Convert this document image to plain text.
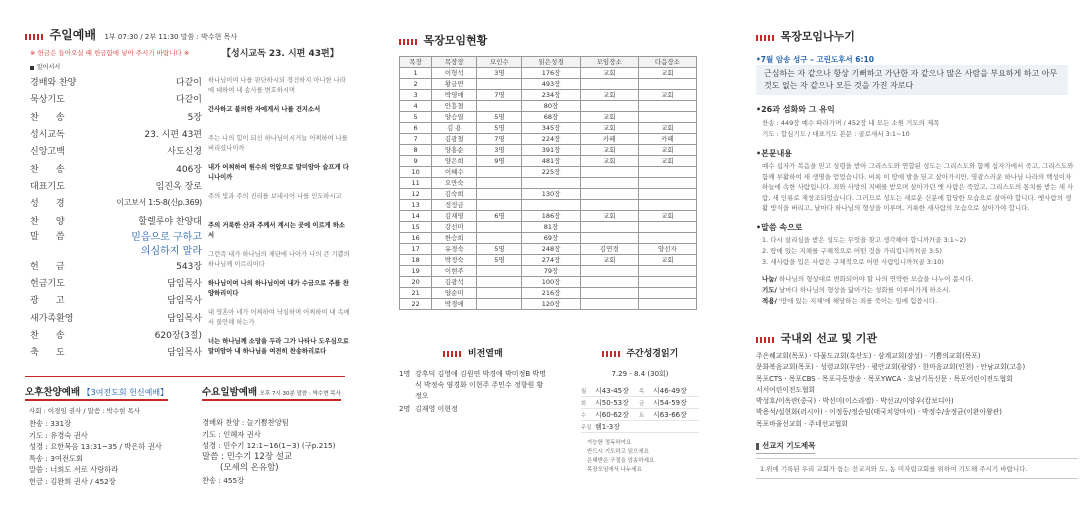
주일예배 1부 07:30 / 2부 11:30 말씀 : 박수현 목사
※ 헌금은 들어오실 때 헌금함에 넣어 주시기 바랍니다 ※	【성시교독 23. 시편 43편】
알어서서
경배와 찬양	다같이
묵상기도	다같이
찬      송	5장
성시교독	23. 시편 43편
신앙고백	사도신경
찬      송	406장
대표기도	임진옥 장로
성      경	이고보서 1:5-8(신p.369)
찬      양	할렐루야 찬양대
말      씀	믿음으로 구하고
의심하지 말라
헌      금	543장
헌금기도	담임목사
광      고	담임목사
새가족환영	담임목사
찬      송	620장(3절)
축      도	담임목사
하나님이여 나를 판단하시되 경건하지 아니한 나라에 대하여 내 송사를 변호하시며
간사하고 불의한 자에게서 나를 건지소서
주는 나의 힘이 되신 하나님이시거늘 어찌하여 나를 버리셨나이까
내가 어찌하여 원수의 억압으로 말미암아 슬프게 다니나이까
주의 빛과 주의 진리를 보내시어 나를 인도하시고
주의 거룩한 산과 주께서 계시는 곳에 이르게 하소서
그런즉 내가 하나님의 제단에 나아가 나의 큰 기쁨의 하나님께 이르리이다
하나님이여 나의 하나님이여 내가 수금으로 주를 찬양하리이다
내 영혼아 네가 어찌하여 낙심하며 어찌하여 내 속에서 불안해 하는가
너는 하나님께 소망을 두라 그가 나타나 도우심으로 말미암아 내 하나님을 여전히 찬송하리로다
오후찬양예배 【3여전도회 헌신예배】
사회 : 이경임 권사 / 말씀 : 박수현 목사
찬송 : 331장
기도 : 유경숙 권사
성경 : 요한복음 13:31~35 / 박은하 권사
특송 : 3여전도회
말씀 : 너희도 서로 사랑하라
헌금 : 김완희 권사 / 452장
수요일밤예배 오후 7시 30분 말씀 : 박수현 목사
경배와 찬양 : 늘기쁨찬양팀
기도 : 인혜자 권사
성경 : 민수기 12:1~16(1~3) (구p.215)
말씀 : 민수기 12장 설교
(모세의 온유함)
찬송 : 455장
목장모임현황
목장	목장장	모인수	읽은성경	모임장소	다음장소
1	이형석	3명	176장	교회	교회
2	황금연		493장		
3	박영애	7명	234장	교회	교회
4	안흥철		80장		
5	양승열	5명	68장	교회	
6	김 용	5명	345장	교회	교회
7	김광철	7명	224장	카페	카페
8	양홍순	3명	391장	교회	교회
9	양은희	9명	481장	교회	교회
10	이혜수		225장		
11	오만숙				
12	김숙희		130장		
13	정정금				
14	김재영	6명	186장	교회	교회
15	강선미		81장		
16	한승희		69장		
17	유경숙	5명	248장	김연경	양선자
18	박정숙	5명	274장	교회	교회
19	이현주		79장		
20	김광석		100장		
21	양순미		216장		
22	박경애		120장		
비전열매
1명 강후덕 김영애 김원연 박경애 박미정B 박명식 박정숙 염경화 이현주 주민수 정향원 황정오
2명 김재영 이현정
주간성경읽기
7.29 - 8.4 (30회)
월	시43-45장	목	시46-49장
화	시50-53장	금	시54-59장
수	시60-62장	토	시63-66장
주일 렘1-3장
가능한 정독하여요
반드시 기도하고 읽으세요
은혜받은 구절을 암송하세요
목장모임에서 나누세요
목장모임나누기
•7월 암송 성구 – 고린도후서 6:10
근심하는 자 같으나 항상 기뻐하고 가난한 자 같으나 많은 사람을 부요하게 하고 아무 것도 없는 자 같으나 모든 것을 가진 자로다
•26과 섬화와 그 유익
찬송 : 449장 예수 따라가며 / 452장 내 모든 소원 기도의 제목
기도 : 합심기도 / 대표기도 본문 : 골로새서 3:1~10
•본문내용
예수 십자가 복음을 믿고 성령을 받아 그리스도와 연합된 성도는 그리스도와 함께 십자가에서 죽고, 그리스도와 함께 부활하여 새 생명을 얻었습니다. 비록 이 땅에 발을 딛고 살아가지만, 영광스러운 하나님 나라의 백성이자 하늘에 속한 사람입니다. 죄와 사망의 지배를 받으며 살아가던 옛 사람은 죽었고, 그리스도의 통치를 받는 새 사람, 새 인류로 재창조되었습니다. 그러므로 성도는 새로운 신분에 합당한 모습으로 살아야 합니다. 옛사람의 생활 방식을 버리고, 날마다 하나님의 형상을 이루며, 거룩한 새사람의 모습으로 살아가야 합니다.
•말씀 속으로
1. 다시 살리심을 받은 성도는 무엇을 찾고 생각해야 합니까?(골 3:1~2)
2. 땅에 있는 지체를 구체적으로 어떤 것을 가리킵니까?(골 3:5)
3. 새사람을 입은 사람은 구체적으로 어떤 사람입니까?(골 3:10)
나눔/ 하나님의 형상대로 변화되어야 할 나의 연약한 모습을 나누어 봅시다.
기도/ 날마다 하나님의 형상을 닮아가는 성화를 이루어가게 하소서.
적용/ '땅에 있는 지체'에 해당하는 죄를 죽이는 일에 힘씁시다.
국내외 선교 및 기관
주은혜교회(목포) · 다물도교회(흑산도) · 삼계교회(장성) · 기쁨의교회(목포)
문화복음교회(목포) · 성령교회(무안) · 평안교회(광양) · 한마음교회(인천) · 안남교회(고흥)
목포CTS · 목포CBS · 목포극동방송 · 목포YWCA · 호남기독신문 · 목포어린이전도협회
서서어린이전도협회
박성호/이옥란(중국) · 박선미(이스라엘) · 박선교/이양우(캄보디아)
박용석/설현화(러시아) · 이정동/정순임(태국치앙마이) · 박정수/송정균(이완아왕관)
목포바울선교회 · 주네선교협회
선교지 기도제목
1.위에 기록된 우리 교회가 돕는 선교지와 도, 농 미자립교회를 위하여 기도해 주시기 바랍니다.
